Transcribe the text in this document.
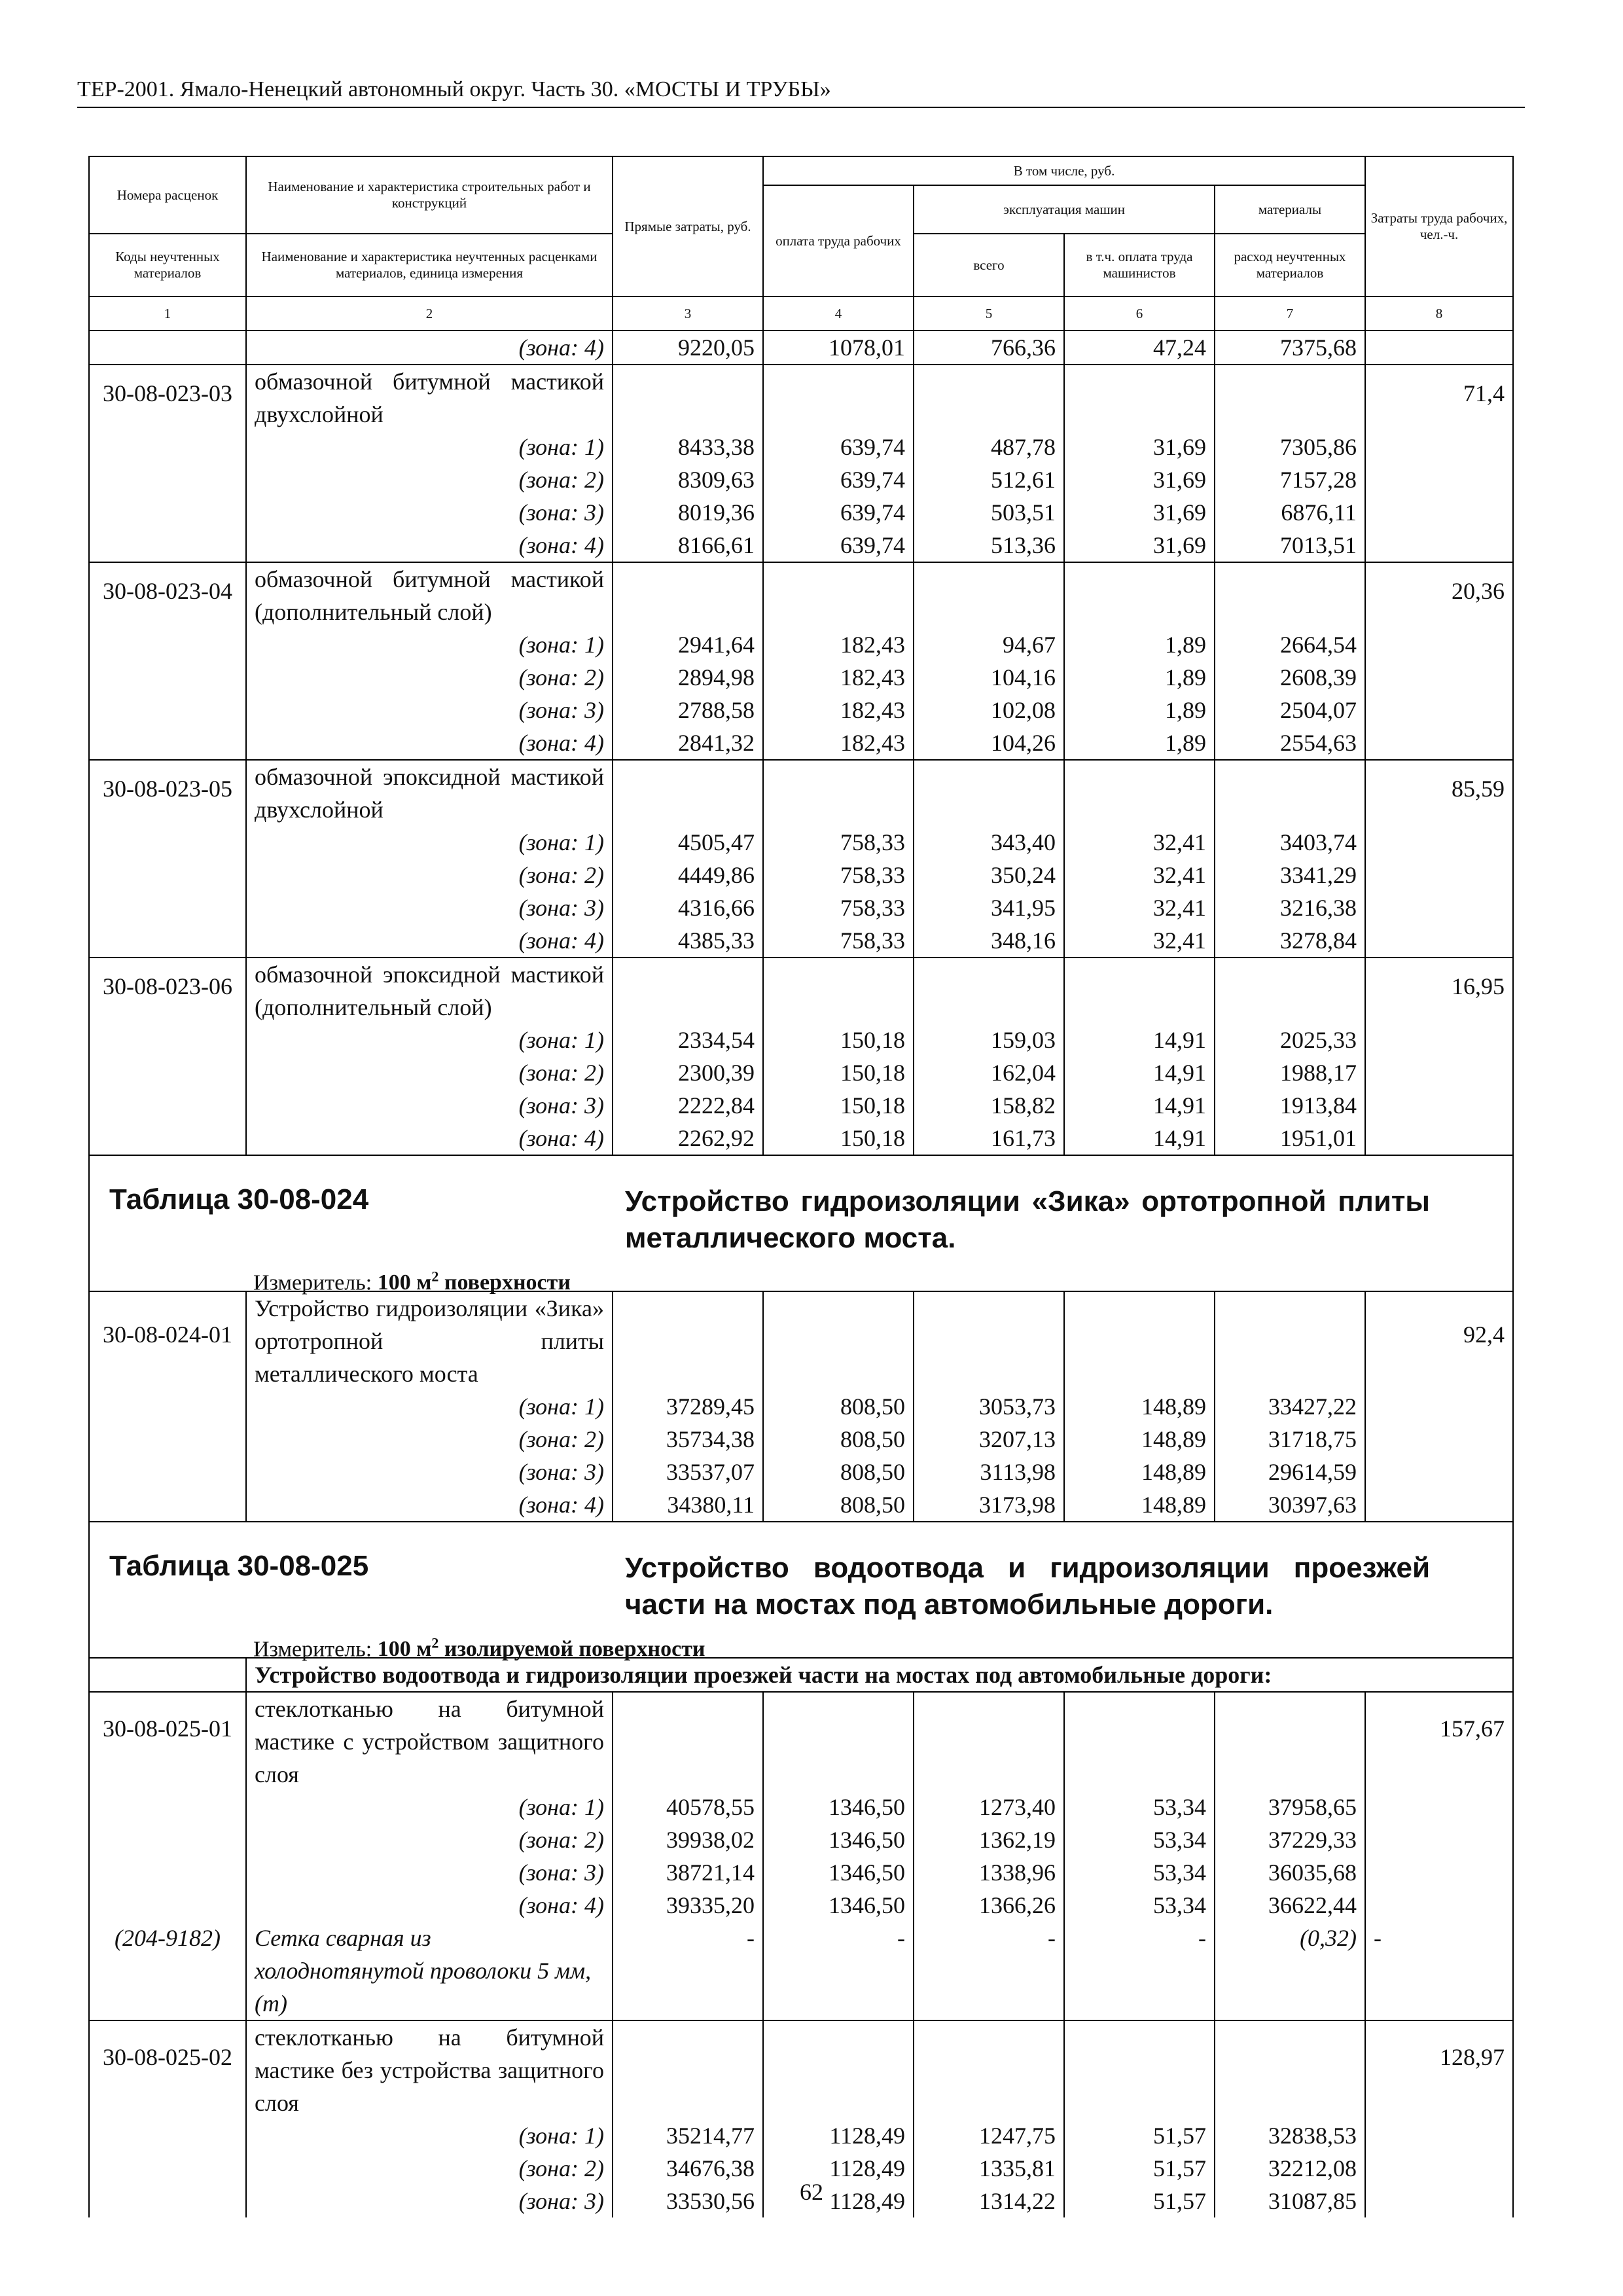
ТЕР-2001. Ямало-Ненецкий автономный округ. Часть 30. «МОСТЫ И ТРУБЫ»
Номера расценок	Наименование и характеристика строительных работ и конструкций	Прямые затраты, руб.	В том числе, руб.				Затраты труда рабочих, чел.-ч.
			оплата труда рабочих	эксплуатация машин		материалы	
Коды неучтенных материалов	Наименование и характеристика неучтенных расценками материалов, единица измерения			всего	в т.ч. оплата труда машинистов	расход неучтенных материалов	
1	2	3	4	5	6	7	8
	(зона: 4)	9220,05	1078,01	766,36	47,24	7375,68	
30-08-023-03	обмазочной битумной мастикой двухслойной						71,4
	(зона: 1)	8433,38	639,74	487,78	31,69	7305,86	
	(зона: 2)	8309,63	639,74	512,61	31,69	7157,28	
	(зона: 3)	8019,36	639,74	503,51	31,69	6876,11	
	(зона: 4)	8166,61	639,74	513,36	31,69	7013,51	
30-08-023-04	обмазочной битумной мастикой (дополнительный слой)						20,36
	(зона: 1)	2941,64	182,43	94,67	1,89	2664,54	
	(зона: 2)	2894,98	182,43	104,16	1,89	2608,39	
	(зона: 3)	2788,58	182,43	102,08	1,89	2504,07	
	(зона: 4)	2841,32	182,43	104,26	1,89	2554,63	
30-08-023-05	обмазочной эпоксидной мастикой двухслойной						85,59
	(зона: 1)	4505,47	758,33	343,40	32,41	3403,74	
	(зона: 2)	4449,86	758,33	350,24	32,41	3341,29	
	(зона: 3)	4316,66	758,33	341,95	32,41	3216,38	
	(зона: 4)	4385,33	758,33	348,16	32,41	3278,84	
30-08-023-06	обмазочной эпоксидной мастикой (дополнительный слой)						16,95
	(зона: 1)	2334,54	150,18	159,03	14,91	2025,33	
	(зона: 2)	2300,39	150,18	162,04	14,91	1988,17	
	(зона: 3)	2222,84	150,18	158,82	14,91	1913,84	
	(зона: 4)	2262,92	150,18	161,73	14,91	1951,01	

Таблица 30-08-024 Устройство гидроизоляции «Зика» ортотропной плиты металлического моста.
Измеритель: 100 $м^2$ поверхности							

30-08-024-01	Устройство гидроизоляции «Зика» ортотропной плиты металлического моста						92,4
	(зона: 1)	37289,45	808,50	3053,73	148,89	33427,22	
	(зона: 2)	35734,38	808,50	3207,13	148,89	31718,75	
	(зона: 3)	33537,07	808,50	3113,98	148,89	29614,59	
	(зона: 4)	34380,11	808,50	3173,98	148,89	30397,63	

Таблица 30-08-025 Устройство водоотвода и гидроизоляции проезжей части на мостах под автомобильные дороги.
Измеритель: 100 $м^2$ изолируемой поверхности							

	Устройство водоотвода и гидроизоляции проезжей части на мостах под автомобильные дороги:						
30-08-025-01	стеклотканью на битумной мастике с устройством защитного слоя						157,67
	(зона: 1)	40578,55	1346,50	1273,40	53,34	37958,65	
	(зона: 2)	39938,02	1346,50	1362,19	53,34	37229,33	
	(зона: 3)	38721,14	1346,50	1338,96	53,34	36035,68	
	(зона: 4)	39335,20	1346,50	1366,26	53,34	36622,44	
(204-9182)	Сетка сварная из холоднотянутой проволоки 5 мм, (т)	-	-	-	-	(0,32)	-
30-08-025-02	стеклотканью на битумной мастике без устройства защитного слоя						128,97
	(зона: 1)	35214,77	1128,49	1247,75	51,57	32838,53	
	(зона: 2)	34676,38	1128,49	1335,81	51,57	32212,08	
	(зона: 3)	33530,56	1128,49	1314,22	51,57	31087,85	
62
